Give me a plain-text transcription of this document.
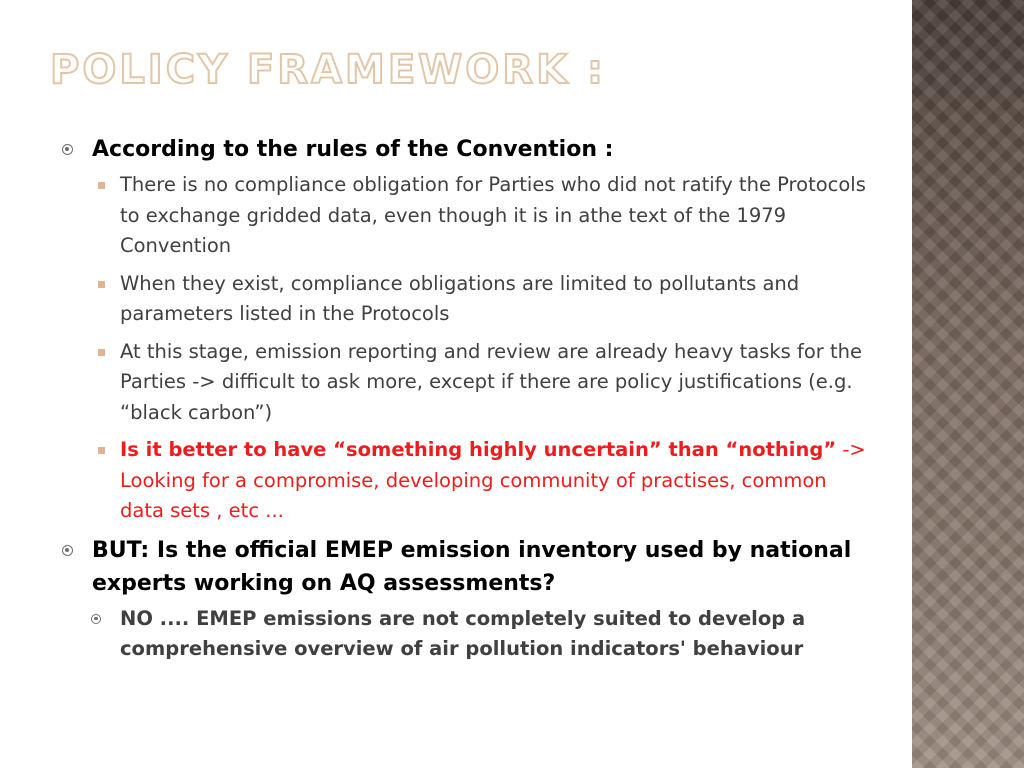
POLICY FRAMEWORK :
According to the rules of the Convention :
There is no compliance obligation for Parties who did not ratify the Protocols to exchange gridded data, even though it is in athe text of the 1979 Convention
When they exist, compliance obligations are limited to pollutants and parameters listed in the Protocols
At this stage, emission reporting and review are already heavy tasks for the Parties -> difficult to ask more, except if there are policy justifications (e.g. “black carbon”)
Is it better to have “something highly uncertain” than “nothing” -> Looking for a compromise, developing community of practises, common data sets , etc ...
BUT: Is the official EMEP emission inventory used by national experts working on AQ assessments?
NO .... EMEP emissions are not completely suited to develop a comprehensive overview of air pollution indicators' behaviour
